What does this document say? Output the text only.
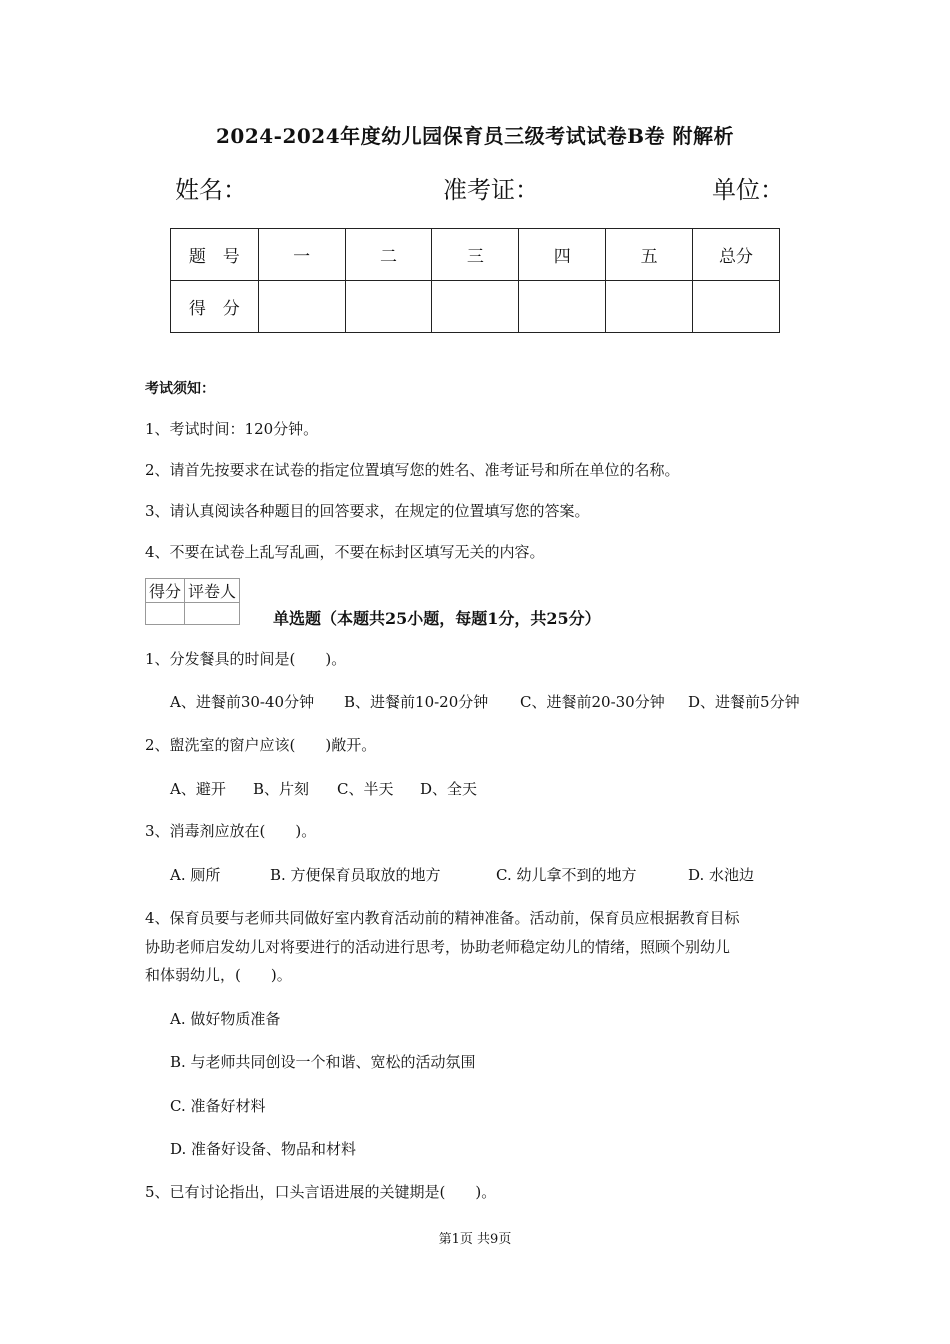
2024-2024年度幼儿园保育员三级考试试卷B卷 附解析
姓名：	准考证：	单位：
题　号	一	二	三	四	五	总分
得　分						
考试须知：
1、考试时间：120分钟。
2、请首先按要求在试卷的指定位置填写您的姓名、准考证号和所在单位的名称。
3、请认真阅读各种题目的回答要求，在规定的位置填写您的答案。
4、不要在试卷上乱写乱画，不要在标封区填写无关的内容。
得分	评卷人

单选题（本题共25小题，每题1分，共25分）
1、分发餐具的时间是(　　)。
A、进餐前30-40分钟 B、进餐前10-20分钟 C、进餐前20-30分钟 D、进餐前5分钟
2、盥洗室的窗户应该(　　)敞开。
A、避开 B、片刻 C、半天 D、全天
3、消毒剂应放在(　　)。
A. 厕所	B. 方便保育员取放的地方	C. 幼儿拿不到的地方	D. 水池边
4、保育员要与老师共同做好室内教育活动前的精神准备。活动前，保育员应根据教育目标
协助老师启发幼儿对将要进行的活动进行思考，协助老师稳定幼儿的情绪，照顾个别幼儿
和体弱幼儿，(　　)。
A. 做好物质准备
B. 与老师共同创设一个和谐、宽松的活动氛围
C. 准备好材料
D. 准备好设备、物品和材料
5、已有讨论指出，口头言语进展的关键期是(　　)。
第1页 共9页
